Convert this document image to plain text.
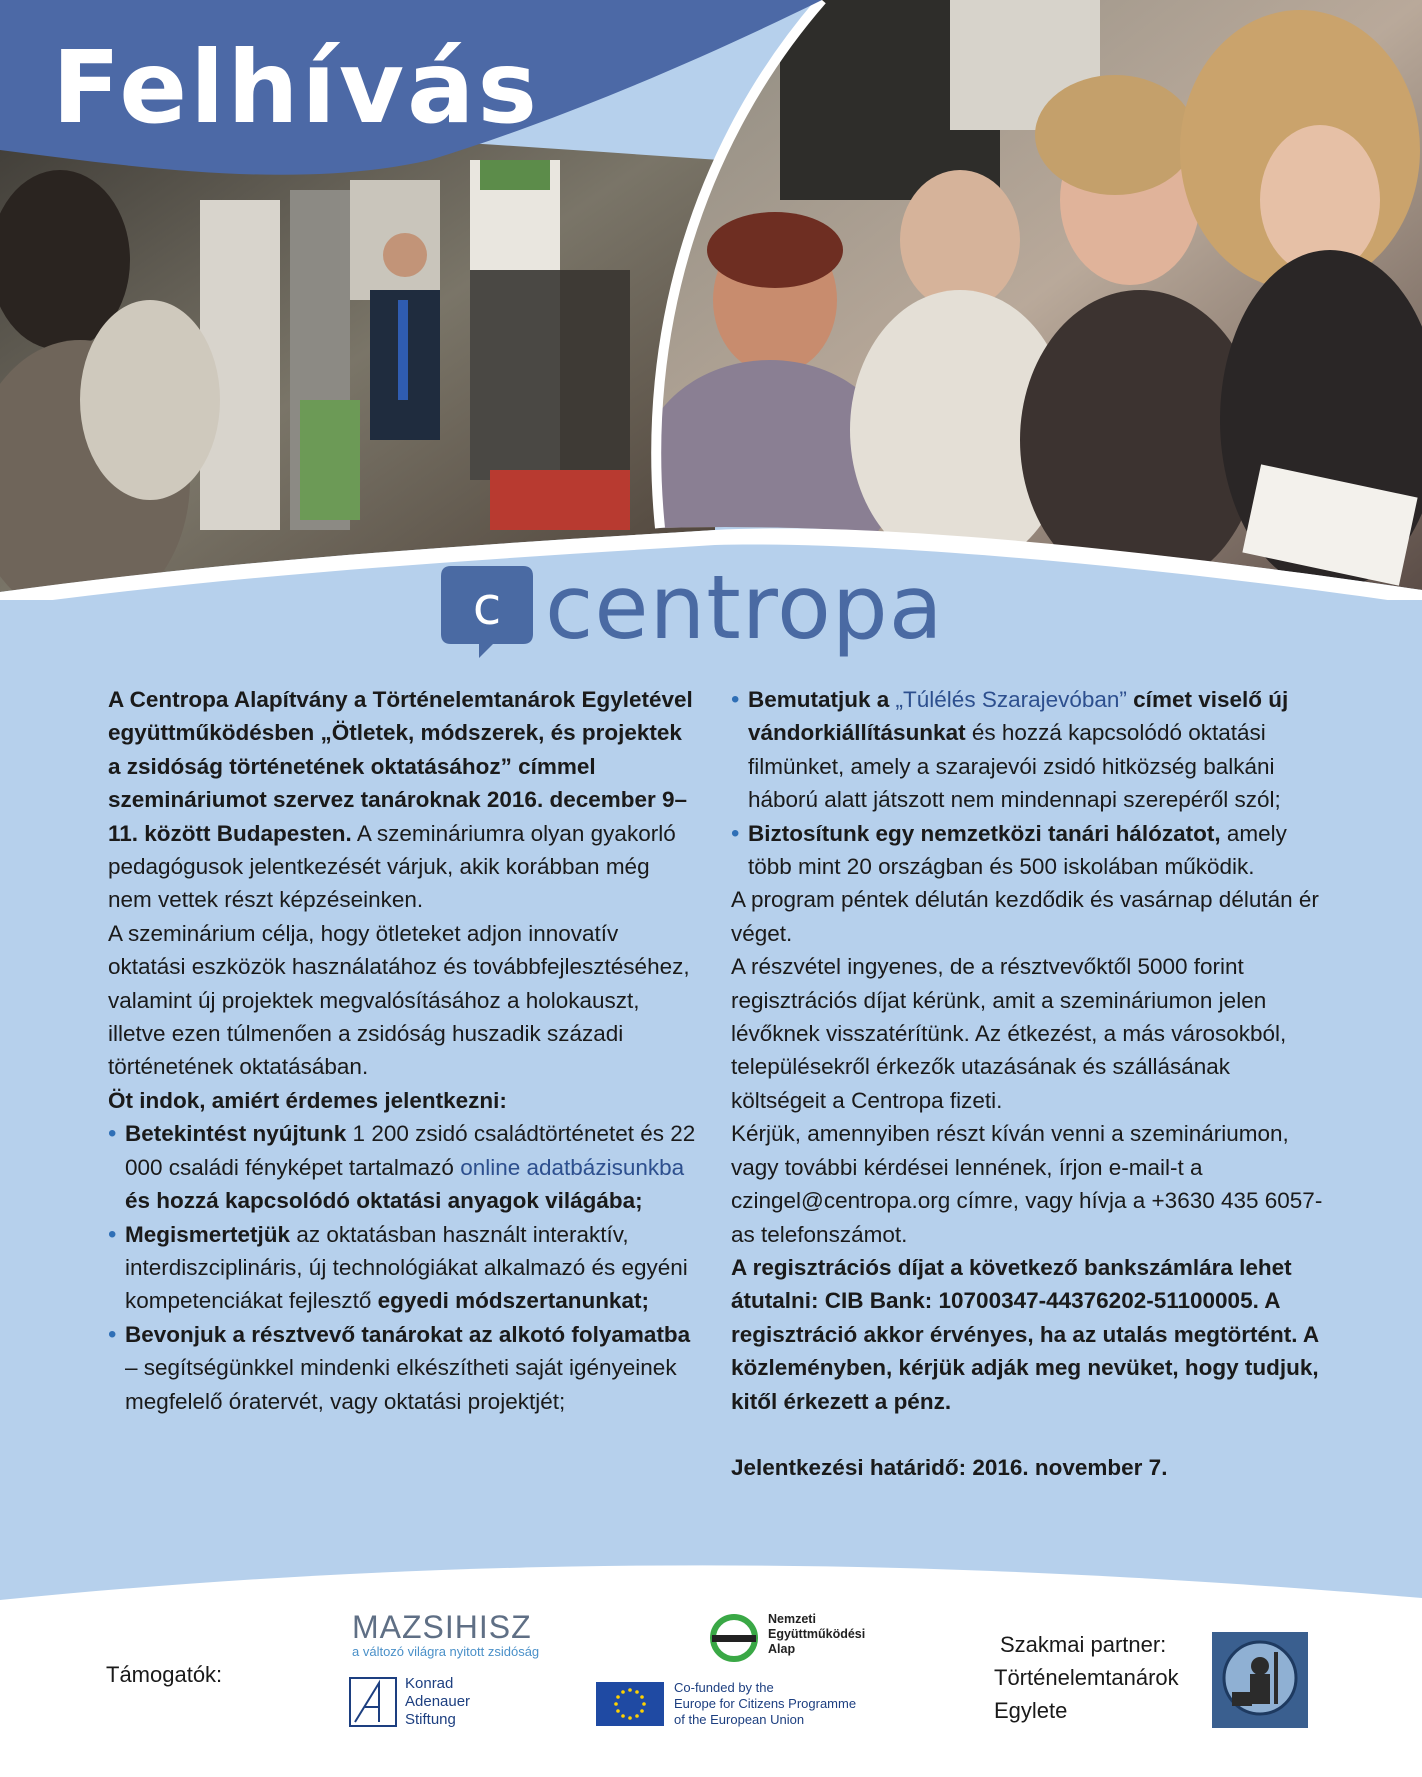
Felhívás
c centropa

A Centropa Alapítvány a Történelemtanárok Egyletével együttműködésben „Ötletek, módszerek, és projektek a zsidóság történetének oktatásához” címmel szemináriumot szervez tanároknak 2016. december 9–11. között Budapesten. A szemináriumra olyan gyakorló pedagógusok jelentkezését várjuk, akik korábban még nem vettek részt képzéseinken.

A szeminárium célja, hogy ötleteket adjon innovatív oktatási eszközök használatához és továbbfejlesztéséhez, valamint új projektek megvalósításához a holokauszt, illetve ezen túlmenően a zsidóság huszadik századi történetének oktatásában.

Öt indok, amiért érdemes jelentkezni:

• Betekintést nyújtunk 1 200 zsidó családtörténetet és 22 000 családi fényképet tartalmazó online adatbázisunkba és hozzá kapcsolódó oktatási anyagok világába;
• Megismertetjük az oktatásban használt interaktív, interdiszciplináris, új technológiákat alkalmazó és egyéni kompetenciákat fejlesztő egyedi módszertanunkat;
• Bevonjuk a résztvevő tanárokat az alkotó folyamatba – segítségünkkel mindenki elkészítheti saját igényeinek megfelelő óratervét, vagy oktatási projektjét;
• Bemutatjuk a „Túlélés Szarajevóban” címet viselő új vándorkiállításunkat és hozzá kapcsolódó oktatási filmünket, amely a szarajevói zsidó hitközség balkáni háború alatt játszott nem mindennapi szerepéről szól;
• Biztosítunk egy nemzetközi tanári hálózatot, amely több mint 20 országban és 500 iskolában működik.

A program péntek délután kezdődik és vasárnap délután ér véget.

A részvétel ingyenes, de a résztvevőktől 5000 forint regisztrációs díjat kérünk, amit a szemináriumon jelen lévőknek visszatérítünk. Az étkezést, a más városokból, településekről érkezők utazásának és szállásának költségeit a Centropa fizeti.

Kérjük, amennyiben részt kíván venni a szemináriumon, vagy további kérdései lennének, írjon e-mail-t a czingel@centropa.org címre, vagy hívja a +3630 435 6057-as telefonszámot.

A regisztrációs díjat a következő bankszámlára lehet átutalni: CIB Bank: 10700347-44376202-51100005. A regisztráció akkor érvényes, ha az utalás megtörtént. A közleményben, kérjük adják meg nevüket, hogy tudjuk, kitől érkezett a pénz.

Jelentkezési határidő: 2016. november 7.

Támogatók:
MAZSIHISZ
a változó világra nyitott zsidóság
Konrad
Adenauer
Stiftung
Nemzeti
Együttműködési
Alap
Co-funded by the
Europe for Citizens Programme
of the European Union
Szakmai partner:
Történelemtanárok
Egylete
